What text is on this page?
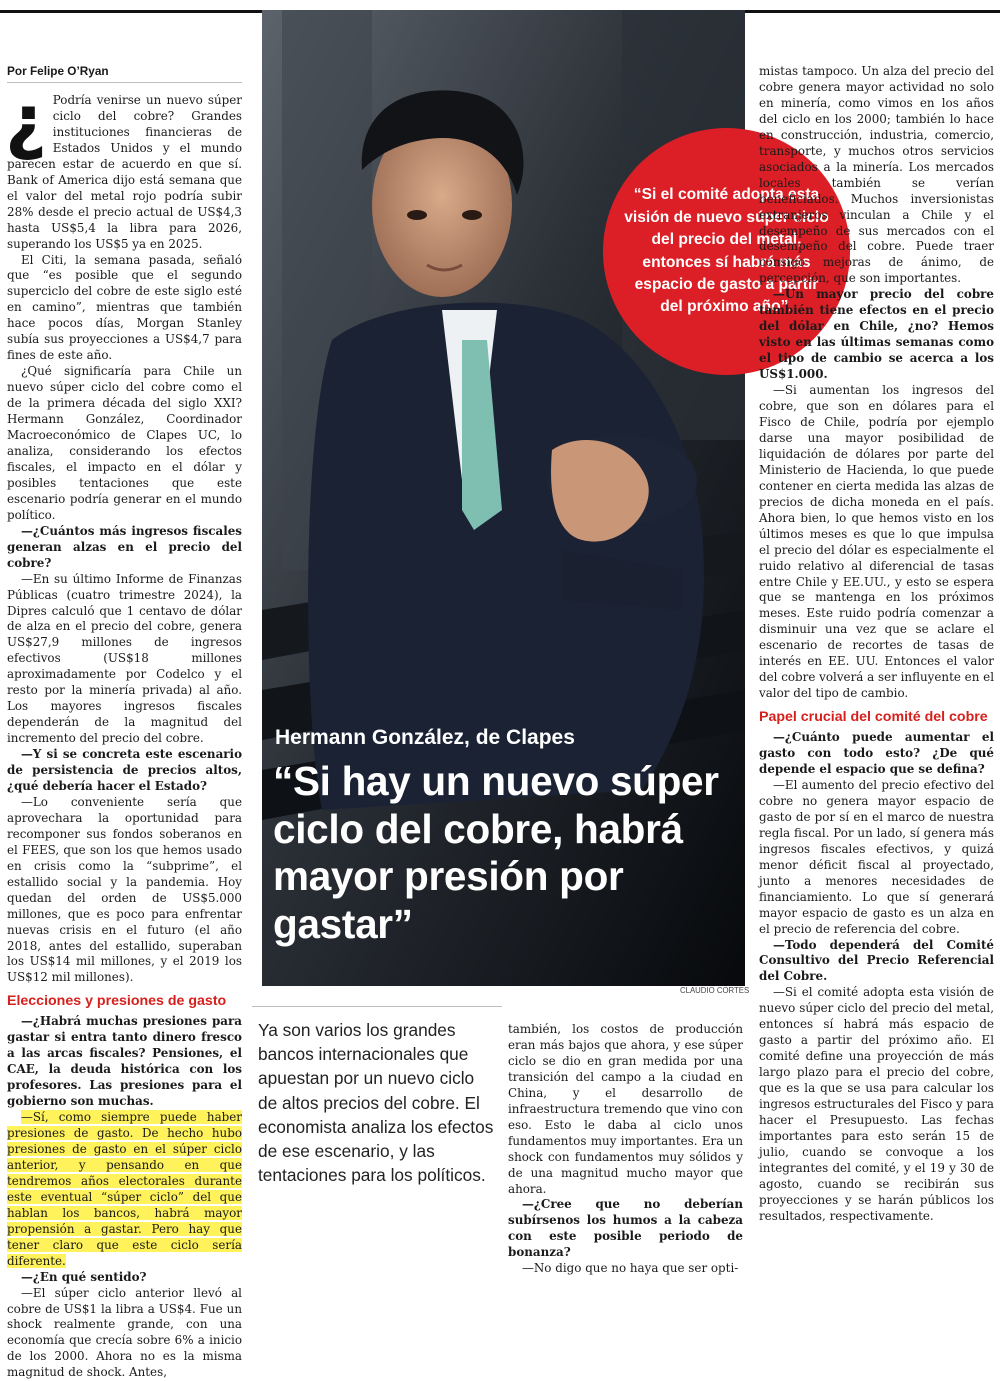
Por Felipe O’Ryan

¿ Podría venirse un nuevo súper ciclo del cobre? Grandes instituciones financieras de Estados Unidos y el mundo parecen estar de acuerdo en que sí. Bank of America dijo está semana que el valor del metal rojo podría subir 28% desde el precio actual de US$4,3 hasta US$5,4 la libra para 2026, superando los US$5 ya en 2025.

El Citi, la semana pasada, señaló que “es posible que el segundo superciclo del cobre de este siglo esté en camino”, mientras que también hace pocos días, Morgan Stanley subía sus proyecciones a US$4,7 para fines de este año.

¿Qué significaría para Chile un nuevo súper ciclo del cobre como el de la primera década del siglo XXI? Hermann González, Coordinador Macroeconómico de Clapes UC, lo analiza, considerando los efectos fiscales, el impacto en el dólar y posibles tentaciones que este escenario podría generar en el mundo político.

—¿Cuántos más ingresos fiscales generan alzas en el precio del cobre?

—En su último Informe de Finanzas Públicas (cuatro trimestre 2024), la Dipres calculó que 1 centavo de dólar de alza en el precio del cobre, genera US$27,9 millones de ingresos efectivos (US$18 millones aproximadamente por Codelco y el resto por la minería privada) al año. Los mayores ingresos fiscales dependerán de la magnitud del incremento del precio del cobre.

—Y si se concreta este escenario de persistencia de precios altos, ¿qué debería hacer el Estado?

—Lo conveniente sería que aprovechara la oportunidad para recomponer sus fondos soberanos en el FEES, que son los que hemos usado en crisis como la “subprime”, el estallido social y la pandemia. Hoy quedan del orden de US$5.000 millones, que es poco para enfrentar nuevas crisis en el futuro (el año 2018, antes del estallido, superaban los US$14 mil millones, y el 2019 los US$12 mil millones).

Elecciones y presiones de gasto

—¿Habrá muchas presiones para gastar si entra tanto dinero fresco a las arcas fiscales? Pensiones, el CAE, la deuda histórica con los profesores. Las presiones para el gobierno son muchas.

—Sí, como siempre puede haber presiones de gasto. De hecho hubo presiones de gasto en el súper ciclo anterior, y pensando en que tendremos años electorales durante este eventual “súper ciclo” del que hablan los bancos, habrá mayor propensión a gastar. Pero hay que tener claro que este ciclo sería diferente.

—¿En qué sentido?

—El súper ciclo anterior llevó al cobre de US$1 la libra a US$4. Fue un shock realmente grande, con una economía que crecía sobre 6% a inicio de los 2000. Ahora no es la misma magnitud de shock. Antes,

Hermann González, de Clapes
“Si hay un nuevo súper ciclo del cobre, habrá mayor presión por gastar”
CLAUDIO CORTES
“Si el comité adopta esta visión de nuevo súper ciclo del precio del metal, entonces sí habrá más espacio de gasto a partir del próximo año”.
Ya son varios los grandes bancos internacionales que apuestan por un nuevo ciclo de altos precios del cobre. El economista analiza los efectos de ese escenario, y las tentaciones para los políticos.

también, los costos de producción eran más bajos que ahora, y ese súper ciclo se dio en gran medida por una transición del campo a la ciudad en China, y el desarrollo de infraestructura tremendo que vino con eso. Esto le daba al ciclo unos fundamentos muy importantes. Era un shock con fundamentos muy sólidos y de una magnitud mucho mayor que ahora.

—¿Cree que no deberían subírsenos los humos a la cabeza con este posible periodo de bonanza?

—No digo que no haya que ser opti-

mistas tampoco. Un alza del precio del cobre genera mayor actividad no solo en minería, como vimos en los años del ciclo en los 2000; también lo hace en construcción, industria, comercio, transporte, y muchos otros servicios asociados a la minería. Los mercados locales también se verían beneficiados. Muchos inversionistas extranjeros vinculan a Chile y el desempeño de sus mercados con el desempeño del cobre. Puede traer consigo mejoras de ánimo, de percepción, que son importantes.

—Un mayor precio del cobre también tiene efectos en el precio del dólar en Chile, ¿no? Hemos visto en las últimas semanas como el tipo de cambio se acerca a los US$1.000.

—Si aumentan los ingresos del cobre, que son en dólares para el Fisco de Chile, podría por ejemplo darse una mayor posibilidad de liquidación de dólares por parte del Ministerio de Hacienda, lo que puede contener en cierta medida las alzas de precios de dicha moneda en el país. Ahora bien, lo que hemos visto en los últimos meses es que lo que impulsa el precio del dólar es especialmente el ruido relativo al diferencial de tasas entre Chile y EE.UU., y esto se espera que se mantenga en los próximos meses. Este ruido podría comenzar a disminuir una vez que se aclare el escenario de recortes de tasas de interés en EE. UU. Entonces el valor del cobre volverá a ser influyente en el valor del tipo de cambio.

Papel crucial del comité del cobre

—¿Cuánto puede aumentar el gasto con todo esto? ¿De qué depende el espacio que se defina?

—El aumento del precio efectivo del cobre no genera mayor espacio de gasto de por sí en el marco de nuestra regla fiscal. Por un lado, sí genera más ingresos fiscales efectivos, y quizá menor déficit fiscal al proyectado, junto a menores necesidades de financiamiento. Lo que sí generará mayor espacio de gasto es un alza en el precio de referencia del cobre.

—Todo dependerá del Comité Consultivo del Precio Referencial del Cobre.

—Si el comité adopta esta visión de nuevo súper ciclo del precio del metal, entonces sí habrá más espacio de gasto a partir del próximo año. El comité define una proyección de más largo plazo para el precio del cobre, que es la que se usa para calcular los ingresos estructurales del Fisco y para hacer el Presupuesto. Las fechas importantes para esto serán 15 de julio, cuando se convoque a los integrantes del comité, y el 19 y 30 de agosto, cuando se recibirán sus proyecciones y se harán públicos los resultados, respectivamente.
